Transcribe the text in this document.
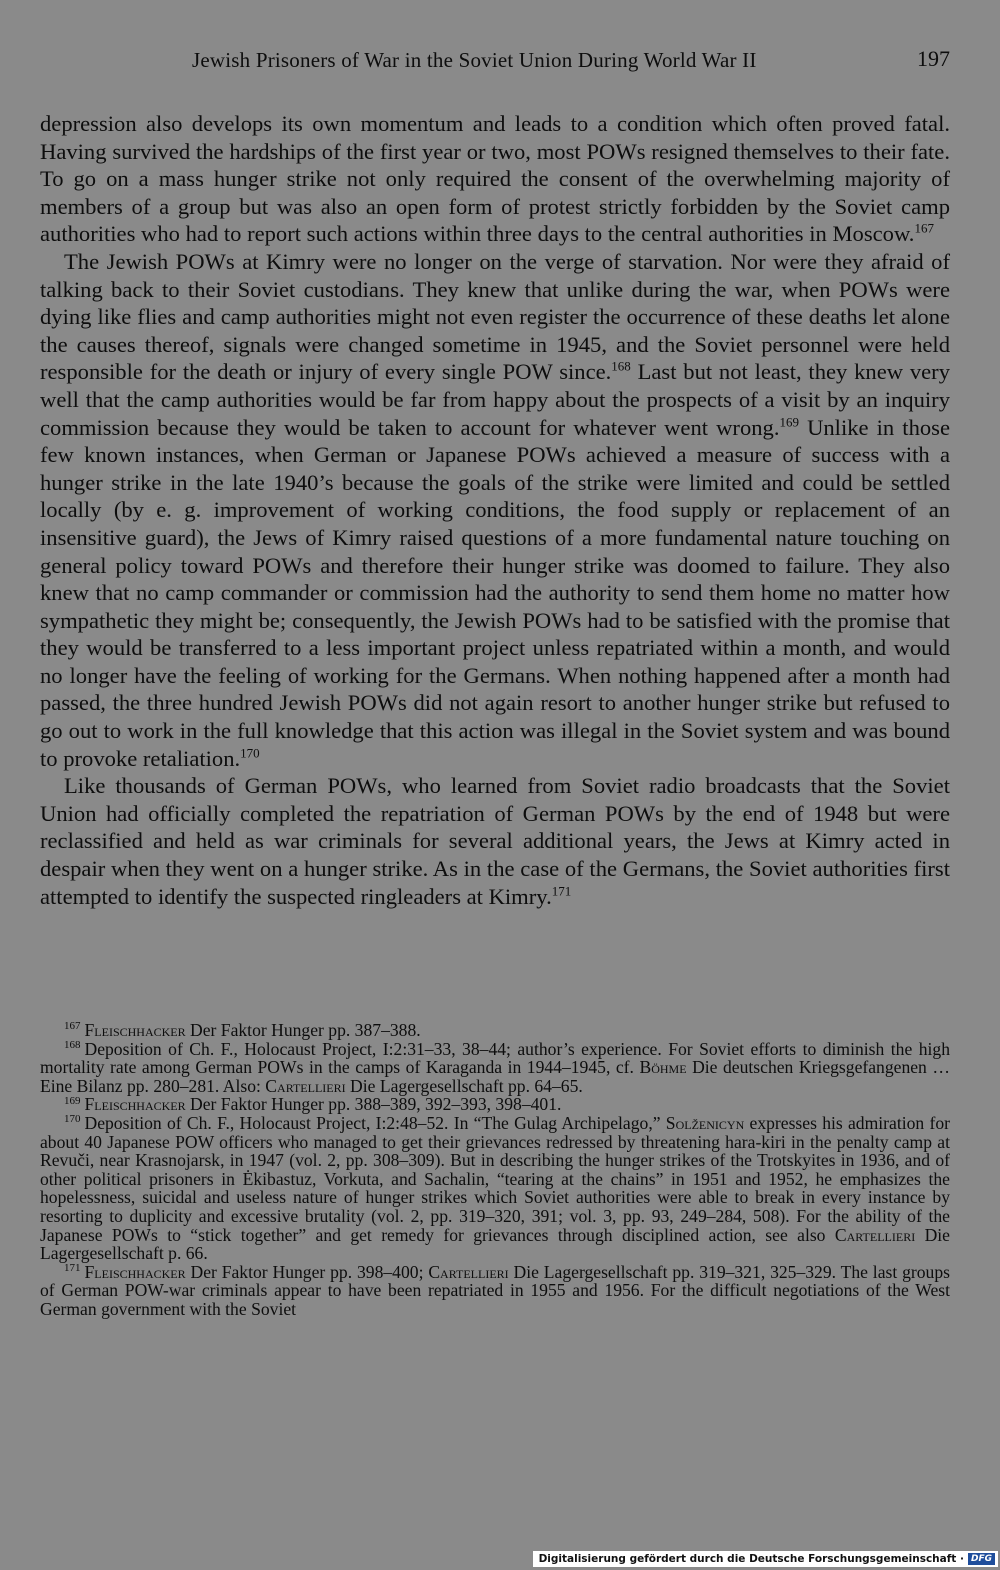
Jewish Prisoners of War in the Soviet Union During World War II	197

depression also develops its own momentum and leads to a condition which often proved fatal. Having survived the hardships of the first year or two, most POWs resigned themselves to their fate. To go on a mass hunger strike not only required the consent of the overwhelming majority of members of a group but was also an open form of protest strictly forbidden by the Soviet camp authorities who had to report such actions within three days to the central authorities in Moscow.$^{167}$

The Jewish POWs at Kimry were no longer on the verge of starvation. Nor were they afraid of talking back to their Soviet custodians. They knew that unlike during the war, when POWs were dying like flies and camp authorities might not even register the occurrence of these deaths let alone the causes thereof, signals were changed sometime in 1945, and the Soviet personnel were held responsible for the death or injury of every single POW since.$^{168}$ Last but not least, they knew very well that the camp authorities would be far from happy about the prospects of a visit by an inquiry commission because they would be taken to account for whatever went wrong.$^{169}$ Unlike in those few known instances, when German or Japanese POWs achieved a measure of success with a hunger strike in the late 1940’s because the goals of the strike were limited and could be settled locally (by e. g. improvement of working conditions, the food supply or replacement of an insensitive guard), the Jews of Kimry raised questions of a more fundamental nature touching on general policy toward POWs and therefore their hunger strike was doomed to failure. They also knew that no camp commander or commission had the authority to send them home no matter how sympathetic they might be; consequently, the Jewish POWs had to be satisfied with the promise that they would be transferred to a less important project unless repatriated within a month, and would no longer have the feeling of working for the Germans. When nothing happened after a month had passed, the three hundred Jewish POWs did not again resort to another hunger strike but refused to go out to work in the full knowledge that this action was illegal in the Soviet system and was bound to provoke retaliation.$^{170}$

Like thousands of German POWs, who learned from Soviet radio broadcasts that the Soviet Union had officially completed the repatriation of German POWs by the end of 1948 but were reclassified and held as war criminals for several additional years, the Jews at Kimry acted in despair when they went on a hunger strike. As in the case of the Germans, the Soviet authorities first attempted to identify the suspected ringleaders at Kimry.$^{171}$

$^{167}$ Fleischhacker Der Faktor Hunger pp. 387–388.

$^{168}$ Deposition of Ch. F., Holocaust Project, I:2:31–33, 38–44; author’s experience. For Soviet efforts to diminish the high mortality rate among German POWs in the camps of Karaganda in 1944–1945, cf. Böhme Die deutschen Kriegsgefangenen … Eine Bilanz pp. 280–281. Also: Cartellieri Die Lagergesellschaft pp. 64–65.

$^{169}$ Fleischhacker Der Faktor Hunger pp. 388–389, 392–393, 398–401.

$^{170}$ Deposition of Ch. F., Holocaust Project, I:2:48–52. In “The Gulag Archipelago,” Solženicyn expresses his admiration for about 40 Japanese POW officers who managed to get their grievances redressed by threatening hara-kiri in the penalty camp at Revuči, near Krasnojarsk, in 1947 (vol. 2, pp. 308–309). But in describing the hunger strikes of the Trotskyites in 1936, and of other political prisoners in Ėkibastuz, Vorkuta, and Sachalin, “tearing at the chains” in 1951 and 1952, he emphasizes the hopelessness, suicidal and useless nature of hunger strikes which Soviet authorities were able to break in every instance by resorting to duplicity and excessive brutality (vol. 2, pp. 319–320, 391; vol. 3, pp. 93, 249–284, 508). For the ability of the Japanese POWs to “stick together” and get remedy for grievances through disciplined action, see also Cartellieri Die Lagergesellschaft p. 66.

$^{171}$ Fleischhacker Der Faktor Hunger pp. 398–400; Cartellieri Die Lagergesellschaft pp. 319–321, 325–329. The last groups of German POW-war criminals appear to have been repatriated in 1955 and 1956. For the difficult negotiations of the West German government with the Soviet

Digitalisierung gefördert durch die Deutsche Forschungsgemeinschaft · DFG
